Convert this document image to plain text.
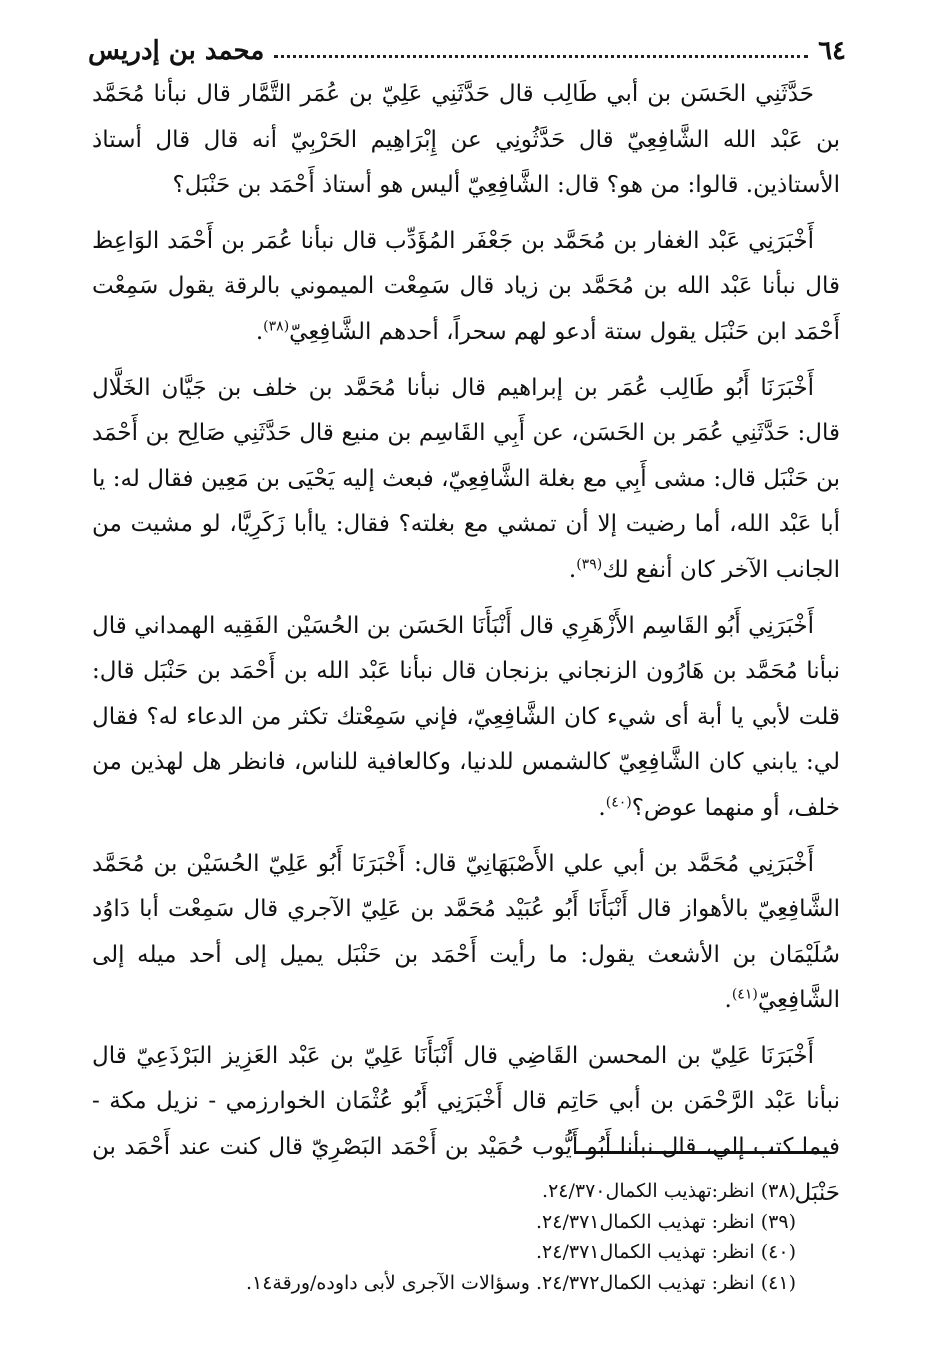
٦٤
محمد بن إدريس

حَدَّثَنِي الحَسَن بن أبي طَالِب قال حَدَّثَنِي عَلِيّ بن عُمَر التَّمَّار قال نبأنا مُحَمَّد بن عَبْد الله الشَّافِعِيّ قال حَدَّثُونِي عن إِبْرَاهِيم الحَرْبِيّ أنه قال قال أستاذ الأستاذين. قالوا: من هو؟ قال: الشَّافِعِيّ أليس هو أستاذ أَحْمَد بن حَنْبَل؟

أَخْبَرَنِي عَبْد الغفار بن مُحَمَّد بن جَعْفَر المُؤَدِّب قال نبأنا عُمَر بن أَحْمَد الوَاعِظ قال نبأنا عَبْد الله بن مُحَمَّد بن زياد قال سَمِعْت الميموني بالرقة يقول سَمِعْت أَحْمَد ابن حَنْبَل يقول ستة أدعو لهم سحراً، أحدهم الشَّافِعِيّ$^{(٣٨)}$.

أَخْبَرَنَا أَبُو طَالِب عُمَر بن إبراهيم قال نبأنا مُحَمَّد بن خلف بن جَيَّان الخَلَّال قال: حَدَّثَنِي عُمَر بن الحَسَن، عن أَبِي القَاسِم بن منيع قال حَدَّثَنِي صَالِح بن أَحْمَد بن حَنْبَل قال: مشى أَبِي مع بغلة الشَّافِعِيّ، فبعث إليه يَحْيَى بن مَعِين فقال له: يا أبا عَبْد الله، أما رضيت إلا أن تمشي مع بغلته؟ فقال: ياأبا زَكَرِيَّا، لو مشيت من الجانب الآخر كان أنفع لك$^{(٣٩)}$.

أَخْبَرَنِي أَبُو القَاسِم الأَزْهَرِي قال أَنْبَأَنَا الحَسَن بن الحُسَيْن الفَقِيه الهمداني قال نبأنا مُحَمَّد بن هَارُون الزنجاني بزنجان قال نبأنا عَبْد الله بن أَحْمَد بن حَنْبَل قال: قلت لأبي يا أبة أى شيء كان الشَّافِعِيّ، فإني سَمِعْتك تكثر من الدعاء له؟ فقال لي: يابني كان الشَّافِعِيّ كالشمس للدنيا، وكالعافية للناس، فانظر هل لهذين من خلف، أو منهما عوض؟$^{(٤٠)}$.

أَخْبَرَنِي مُحَمَّد بن أبي علي الأَصْبَهَانِيّ قال: أَخْبَرَنَا أَبُو عَلِيّ الحُسَيْن بن مُحَمَّد الشَّافِعِيّ بالأهواز قال أَنْبَأَنَا أَبُو عُبَيْد مُحَمَّد بن عَلِيّ الآجري قال سَمِعْت أبا دَاوُد سُلَيْمَان بن الأشعث يقول: ما رأيت أَحْمَد بن حَنْبَل يميل إلى أحد ميله إلى الشَّافِعِيّ$^{(٤١)}$.

أَخْبَرَنَا عَلِيّ بن المحسن القَاضِي قال أَنْبَأَنَا عَلِيّ بن عَبْد العَزِيز البَرْذَعِيّ قال نبأنا عَبْد الرَّحْمَن بن أبي حَاتِم قال أَخْبَرَنِي أَبُو عُثْمَان الخوارزمي - نزيل مكة - فيما كتب إلي، قال نبأنا أَبُو أَيُّوب حُمَيْد بن أَحْمَد البَصْرِيّ قال كنت عند أَحْمَد بن حَنْبَل

(٣٨) انظر:تهذيب الكمال٢٤/٣٧٠.

(٣٩) انظر: تهذيب الكمال٢٤/٣٧١.

(٤٠) انظر: تهذيب الكمال٢٤/٣٧١.

(٤١) انظر: تهذيب الكمال٢٤/٣٧٢. وسؤالات الآجرى لأبى داوده/ورقة١٤.
